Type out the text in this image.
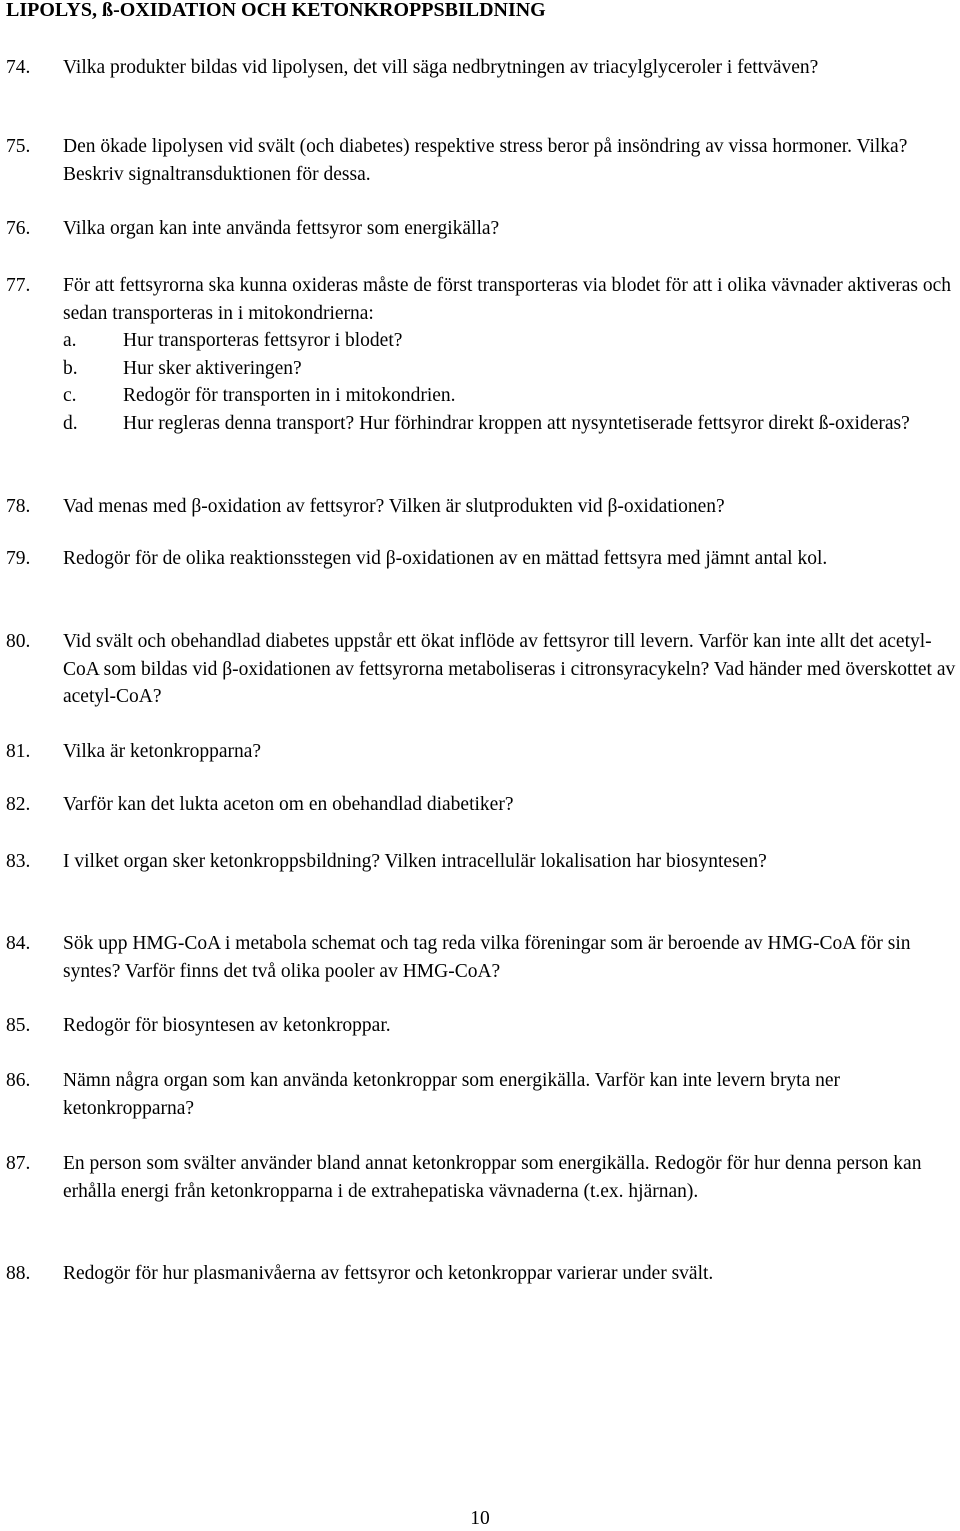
LIPOLYS, ß-OXIDATION OCH KETONKROPPSBILDNING
74.	Vilka produkter bildas vid lipolysen, det vill säga nedbrytningen av triacylglyceroler i fettväven?
75.	Den ökade lipolysen vid svält (och diabetes) respektive stress beror på insöndring av vissa hormoner. Vilka? Beskriv signaltransduktionen för dessa.
76.	Vilka organ kan inte använda fettsyror som energikälla?
77.	För att fettsyrorna ska kunna oxideras måste de först transporteras via blodet för att i olika vävnader aktiveras och sedan transporteras in i mitokondrierna:
a.	Hur transporteras fettsyror i blodet?
b.	Hur sker aktiveringen?
c.	Redogör för transporten in i mitokondrien.
d.	Hur regleras denna transport? Hur förhindrar kroppen att nysyntetiserade fettsyror direkt ß-oxideras?
78.	Vad menas med β-oxidation av fettsyror? Vilken är slutprodukten vid β-oxidationen?
79.	Redogör för de olika reaktionsstegen vid β-oxidationen av en mättad fettsyra med jämnt antal kol.
80.	Vid svält och obehandlad diabetes uppstår ett ökat inflöde av fettsyror till levern. Varför kan inte allt det acetyl-CoA som bildas vid β-oxidationen av fettsyrorna metaboliseras i citronsyracykeln? Vad händer med överskottet av acetyl-CoA?
81.	Vilka är ketonkropparna?
82.	Varför kan det lukta aceton om en obehandlad diabetiker?
83.	I vilket organ sker ketonkroppsbildning? Vilken intracellulär lokalisation har biosyntesen?
84.	Sök upp HMG-CoA i metabola schemat och tag reda vilka föreningar som är beroende av HMG-CoA för sin syntes? Varför finns det två olika pooler av HMG-CoA?
85.	Redogör för biosyntesen av ketonkroppar.
86.	Nämn några organ som kan använda ketonkroppar som energikälla. Varför kan inte levern bryta ner ketonkropparna?
87.	En person som svälter använder bland annat ketonkroppar som energikälla. Redogör för hur denna person kan erhålla energi från ketonkropparna i de extrahepatiska vävnaderna (t.ex. hjärnan).
88.	Redogör för hur plasmanivåerna av fettsyror och ketonkroppar varierar under svält.
10
